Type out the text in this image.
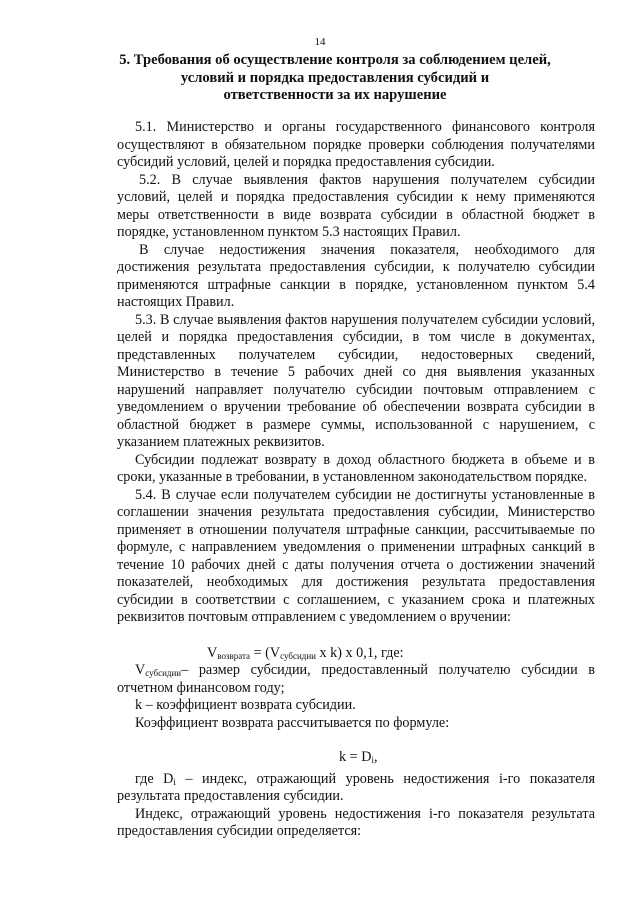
14
5. Требования об осуществление контроля за соблюдением целей,
условий и порядка предоставления субсидий и
ответственности за их нарушение

5.1. Министерство и органы государственного финансового контроля осуществляют в обязательном порядке проверки соблюдения получателями субсидий условий, целей и порядка предоставления субсидии.

5.2. В случае выявления фактов нарушения получателем субсидии условий, целей и порядка предоставления субсидии к нему применяются меры ответственности в виде возврата субсидии в областной бюджет в порядке, установленном пунктом 5.3 настоящих Правил.

В случае недостижения значения показателя, необходимого для достижения результата предоставления субсидии, к получателю субсидии применяются штрафные санкции в порядке, установленном пунктом 5.4 настоящих Правил.

5.3. В случае выявления фактов нарушения получателем субсидии условий, целей и порядка предоставления субсидии, в том числе в документах, представленных получателем субсидии, недостоверных сведений, Министерство в течение 5 рабочих дней со дня выявления указанных нарушений направляет получателю субсидии почтовым отправлением с уведомлением о вручении требование об обеспечении возврата субсидии в областной бюджет в размере суммы, использованной с нарушением, с указанием платежных реквизитов.

Субсидии подлежат возврату в доход областного бюджета в объеме и в сроки, указанные в требовании, в установленном законодательством порядке.

5.4. В случае если получателем субсидии не достигнуты установленные в соглашении значения результата предоставления субсидии, Министерство применяет в отношении получателя штрафные санкции, рассчитываемые по формуле, с направлением уведомления о применении штрафных санкций в течение 10 рабочих дней с даты получения отчета о достижении значений показателей, необходимых для достижения результата предоставления субсидии в соответствии с соглашением, с указанием срока и платежных реквизитов почтовым отправлением с уведомлением о вручении:

$V_{возврата} = (V_{субсидии}$ x k) x 0,1, где:

$V_{субсидии}-$ размер субсидии, предоставленный получателю субсидии в отчетном финансовом году;

k – коэффициент возврата субсидии.

Коэффициент возврата рассчитывается по формуле:

$k = D_i$,

где $D_i$ – индекс, отражающий уровень недостижения i-го показателя результата предоставления субсидии.

Индекс, отражающий уровень недостижения i-го показателя результата предоставления субсидии определяется:
